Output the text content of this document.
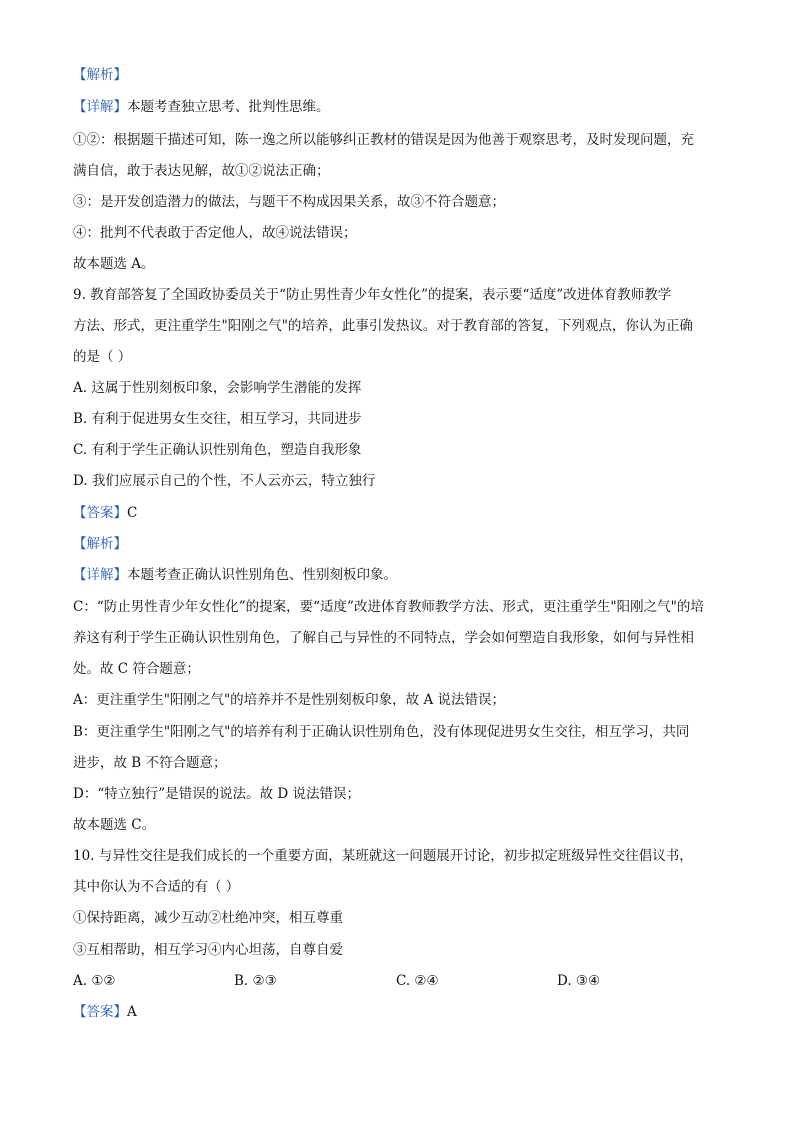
【解析】
【详解】本题考查独立思考、批判性思维。
①②：根据题干描述可知，陈一逸之所以能够纠正教材的错误是因为他善于观察思考，及时发现问题，充
满自信，敢于表达见解，故①②说法正确；
③：是开发创造潜力的做法，与题干不构成因果关系，故③不符合题意；
④：批判不代表敢于否定他人，故④说法错误；
故本题选 A。
9. 教育部答复了全国政协委员关于“防止男性青少年女性化”的提案，表示要“适度”改进体育教师教学
方法、形式，更注重学生"阳刚之气"的培养，此事引发热议。对于教育部的答复，下列观点，你认为正确
的是（ ）
A. 这属于性别刻板印象，会影响学生潜能的发挥
B. 有利于促进男女生交往，相互学习，共同进步
C. 有利于学生正确认识性别角色，塑造自我形象
D. 我们应展示自己的个性，不人云亦云，特立独行
【答案】C
【解析】
【详解】本题考查正确认识性别角色、性别刻板印象。
C：“防止男性青少年女性化”的提案，要“适度”改进体育教师教学方法、形式，更注重学生"阳刚之气"的培
养这有利于学生正确认识性别角色，了解自己与异性的不同特点，学会如何塑造自我形象，如何与异性相
处。故 C 符合题意；
A：更注重学生"阳刚之气"的培养并不是性别刻板印象，故 A 说法错误；
B：更注重学生"阳刚之气"的培养有利于正确认识性别角色，没有体现促进男女生交往，相互学习，共同
进步，故 B 不符合题意；
D：“特立独行”是错误的说法。故 D 说法错误；
故本题选 C。
10. 与异性交往是我们成长的一个重要方面，某班就这一问题展开讨论，初步拟定班级异性交往倡议书，
其中你认为不合适的有（ ）
①保持距离，减少互动②杜绝冲突，相互尊重
③互相帮助，相互学习④内心坦荡，自尊自爱
A. ①②	B. ②③	C. ②④	D. ③④
【答案】A
